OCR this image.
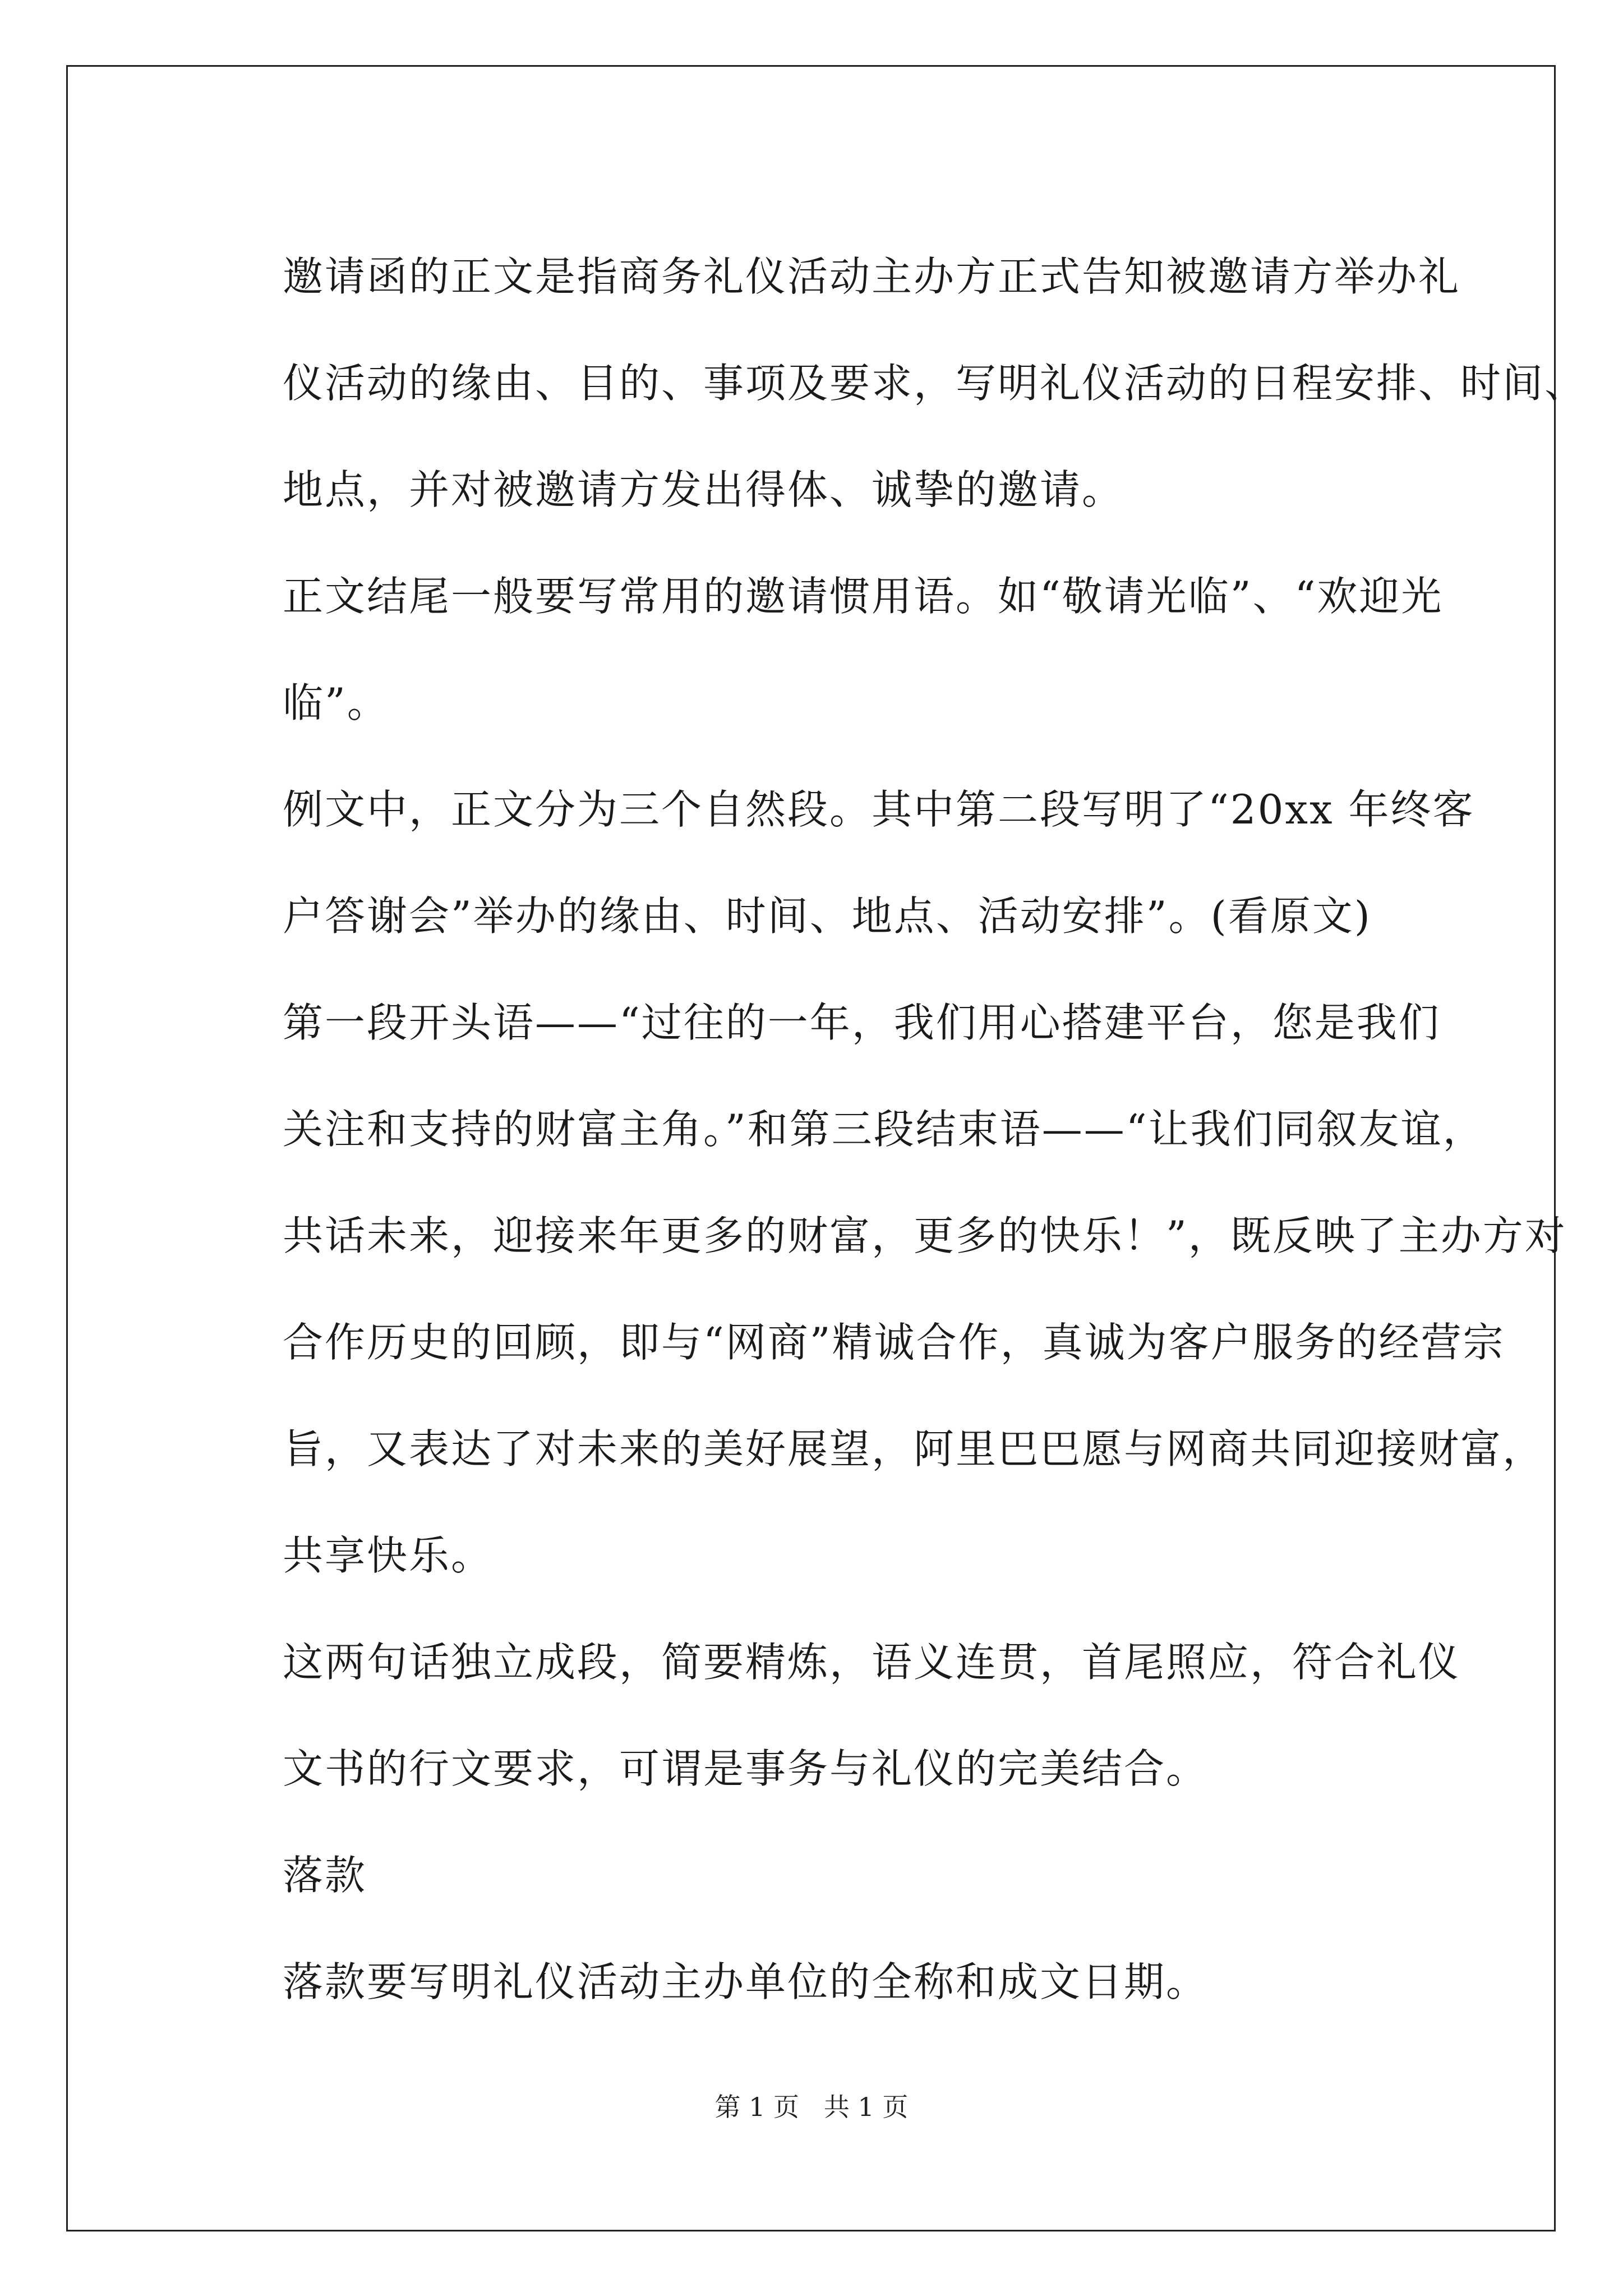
邀请函的正文是指商务礼仪活动主办方正式告知被邀请方举办礼
仪活动的缘由、目的、事项及要求，写明礼仪活动的日程安排、时间、
地点，并对被邀请方发出得体、诚挚的邀请。

正文结尾一般要写常用的邀请惯用语。如“敬请光临”、“欢迎光
临”。

例文中，正文分为三个自然段。其中第二段写明了“20xx 年终客
户答谢会”举办的缘由、时间、地点、活动安排”。(看原文)

第一段开头语——“过往的一年，我们用心搭建平台，您是我们
关注和支持的财富主角。”和第三段结束语——“让我们同叙友谊，
共话未来，迎接来年更多的财富，更多的快乐！”，既反映了主办方对
合作历史的回顾，即与“网商”精诚合作，真诚为客户服务的经营宗
旨，又表达了对未来的美好展望，阿里巴巴愿与网商共同迎接财富，
共享快乐。

这两句话独立成段，简要精炼，语义连贯，首尾照应，符合礼仪
文书的行文要求，可谓是事务与礼仪的完美结合。

落款

落款要写明礼仪活动主办单位的全称和成文日期。

第 1 页   共 1 页
